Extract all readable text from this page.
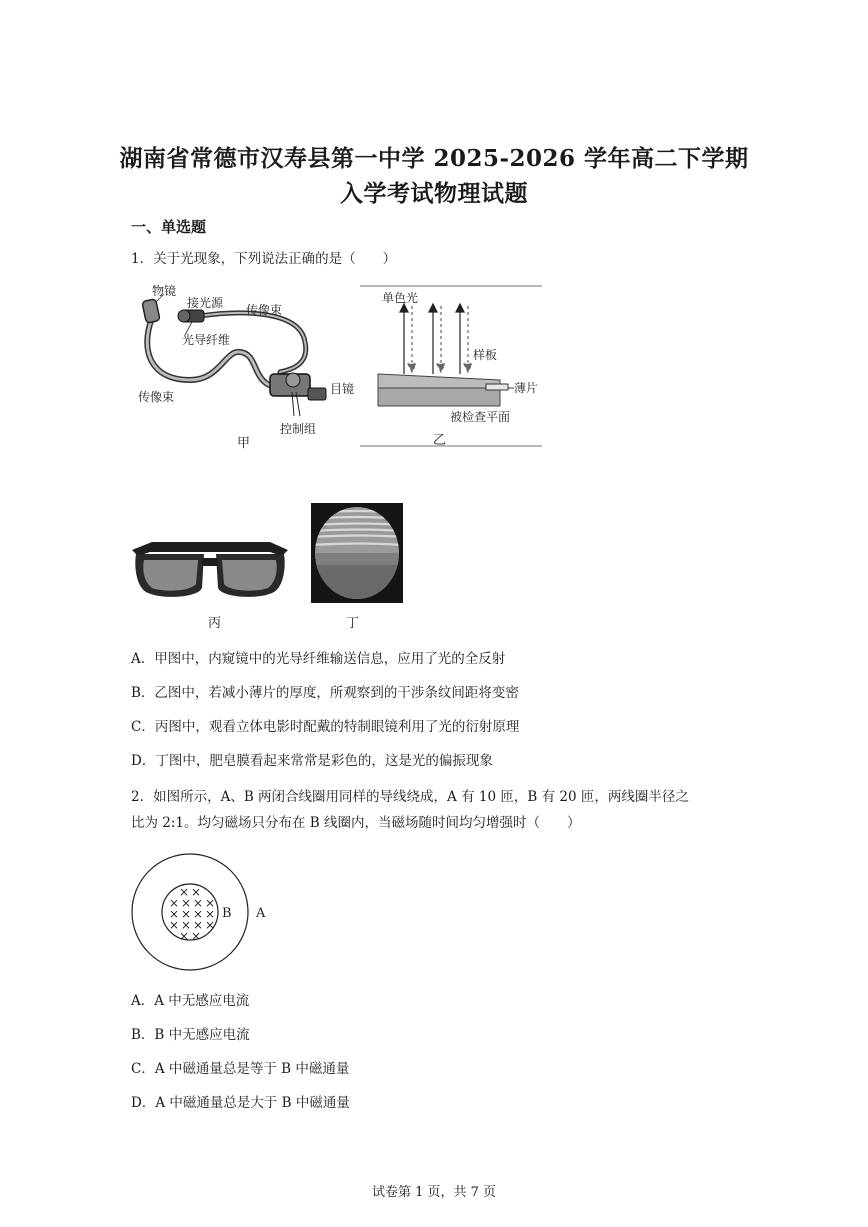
湖南省常德市汉寿县第一中学 2025-2026 学年高二下学期
入学考试物理试题
一、单选题
1．关于光现象，下列说法正确的是（　　）
物镜
接光源 传像束
光导纤维
传像束
目镜
控制组
甲
单色光
样板
薄片
被检查平面
乙
丙	丁
A．甲图中，内窥镜中的光导纤维输送信息，应用了光的全反射
B．乙图中，若减小薄片的厚度，所观察到的干涉条纹间距将变密
C．丙图中，观看立体电影时配戴的特制眼镜利用了光的衍射原理
D．丁图中，肥皂膜看起来常常是彩色的，这是光的偏振现象
2．如图所示，A、B 两闭合线圈用同样的导线绕成，A 有 10 匝，B 有 20 匝，两线圈半径之
比为 2:1。均匀磁场只分布在 B 线圈内，当磁场随时间均匀增强时（　　）
× ×
× × × ×
× × × ×
× × × ×
× ×
B A
A．A 中无感应电流
B．B 中无感应电流
C．A 中磁通量总是等于 B 中磁通量
D．A 中磁通量总是大于 B 中磁通量
试卷第 1 页，共 7 页
